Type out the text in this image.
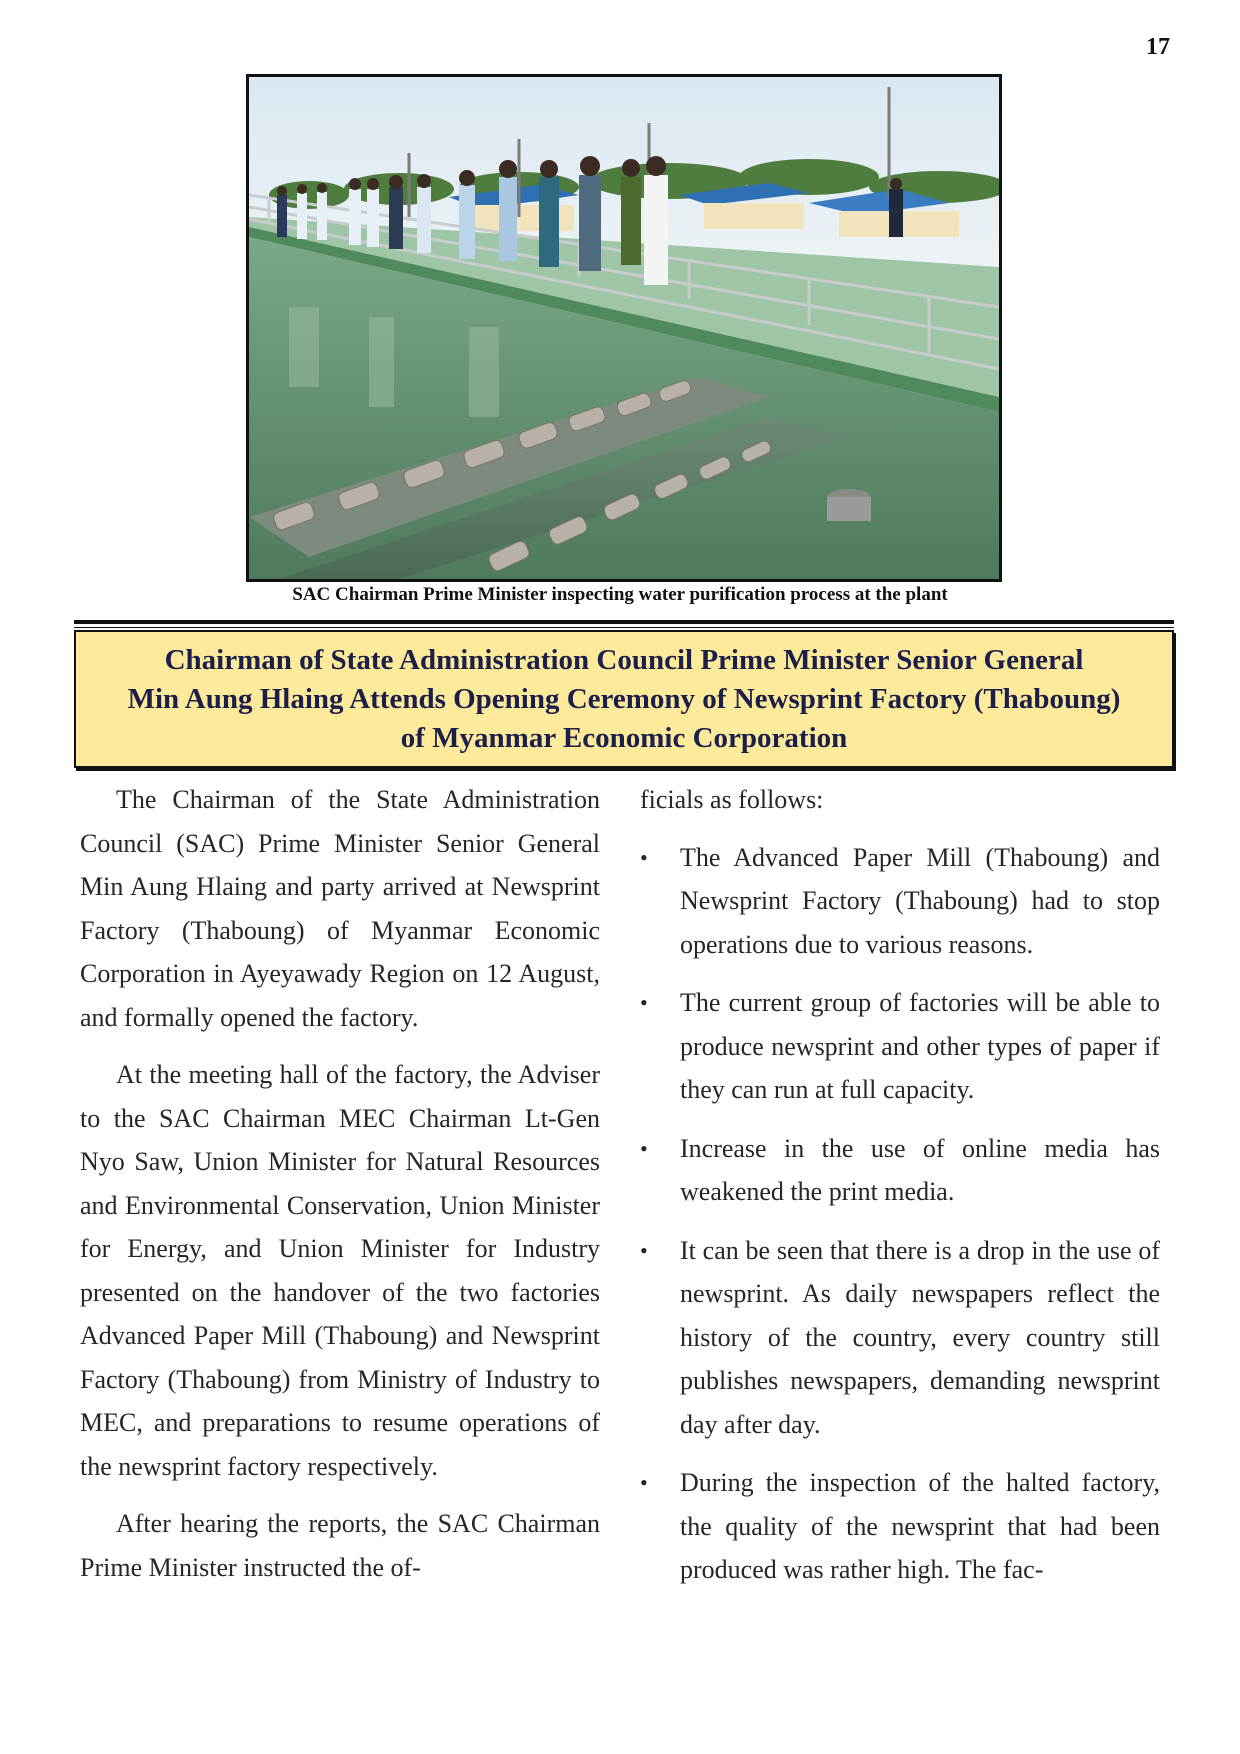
17
SAC Chairman Prime Minister inspecting water purification process at the plant

Chairman of State Administration Council Prime Minister Senior General

Min Aung Hlaing Attends Opening Ceremony of Newsprint Factory (Thaboung)

of Myanmar Economic Corporation

The Chairman of the State Administration Council (SAC) Prime Minister Senior General Min Aung Hlaing and party arrived at Newsprint Factory (Thaboung) of Myanmar Economic Corporation in Ayeyawady Region on 12 August, and formally opened the factory.

At the meeting hall of the factory, the Adviser to the SAC Chairman MEC Chairman Lt-Gen Nyo Saw, Union Minister for Natural Resources and Environmental Conservation, Union Minister for Energy, and Union Minister for Industry presented on the handover of the two factories Advanced Paper Mill (Thaboung) and Newsprint Factory (Thaboung) from Ministry of Industry to MEC, and preparations to resume operations of the newsprint factory respectively.

After hearing the reports, the SAC Chairman Prime Minister instructed the of-

ficials as follows:

• The Advanced Paper Mill (Thaboung) and Newsprint Factory (Thaboung) had to stop operations due to various reasons.
• The current group of factories will be able to produce newsprint and other types of paper if they can run at full capacity.
• Increase in the use of online media has weakened the print media.
• It can be seen that there is a drop in the use of newsprint. As daily newspapers reflect the history of the country, every country still publishes newspapers, demanding newsprint day after day.
• During the inspection of the halted factory, the quality of the newsprint that had been produced was rather high. The fac-
